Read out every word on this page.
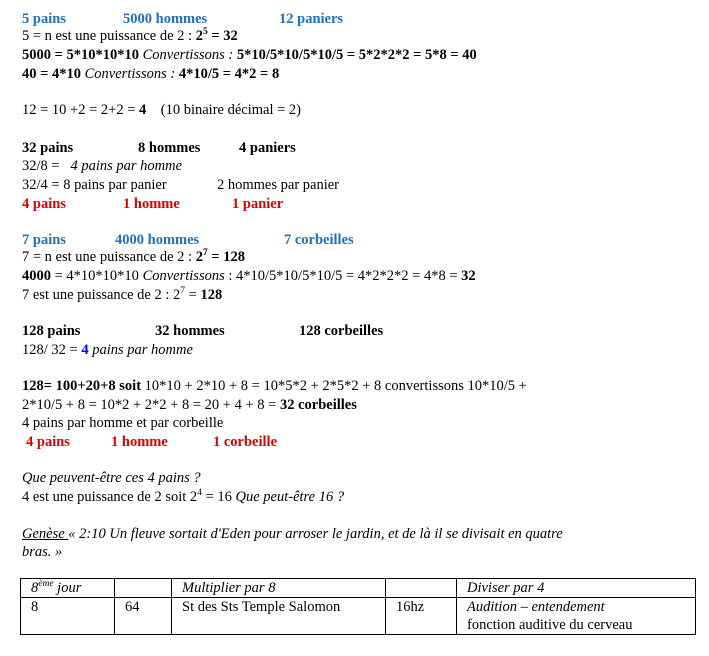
5 pains	5000 hommes	12 paniers
5 = n est une puissance de 2 : $2^5 = 32$
5000 = 5*10*10*10 Convertissons : 5*10/5*10/5*10/5 = 5*2*2*2 = 5*8 = 40
40 = 4*10 Convertissons : 4*10/5 = 4*2 = 8
12 = 10 +2 = 2+2 = 4    (10 binaire décimal = 2)
32 pains	8 hommes	4 paniers
32/8 =   4 pains par homme
32/4 = 8 pains par panier	2 hommes par panier
4 pains	1 homme	1 panier
7 pains	4000 hommes	7 corbeilles
7 = n est une puissance de 2 : $2^7 = 128$
4000 = 4*10*10*10 Convertissons : 4*10/5*10/5*10/5 = 4*2*2*2 = 4*8 = 32
7 est une puissance de 2 : $2^7 = 128$
128 pains	32 hommes	128 corbeilles
128/ 32 = 4 pains par homme
128= 100+20+8 soit 10*10 + 2*10 + 8 = 10*5*2 + 2*5*2 + 8 convertissons 10*10/5 +
2*10/5 + 8 = 10*2 + 2*2 + 8 = 20 + 4 + 8 = 32 corbeilles
4 pains par homme et par corbeille
4 pains	1 homme	1 corbeille
Que peuvent-être ces 4 pains ?
4 est une puissance de 2 soit $2^4 = 16$ Que peut-être 16 ?
Genèse « 2:10 Un fleuve sortait d'Eden pour arroser le jardin, et de là il se divisait en quatre
bras. »
8ème jour		Multiplier par 8		Diviser par 4
8	64	St des Sts Temple Salomon	16hz	Audition – entendement
fonction auditive du cerveau
